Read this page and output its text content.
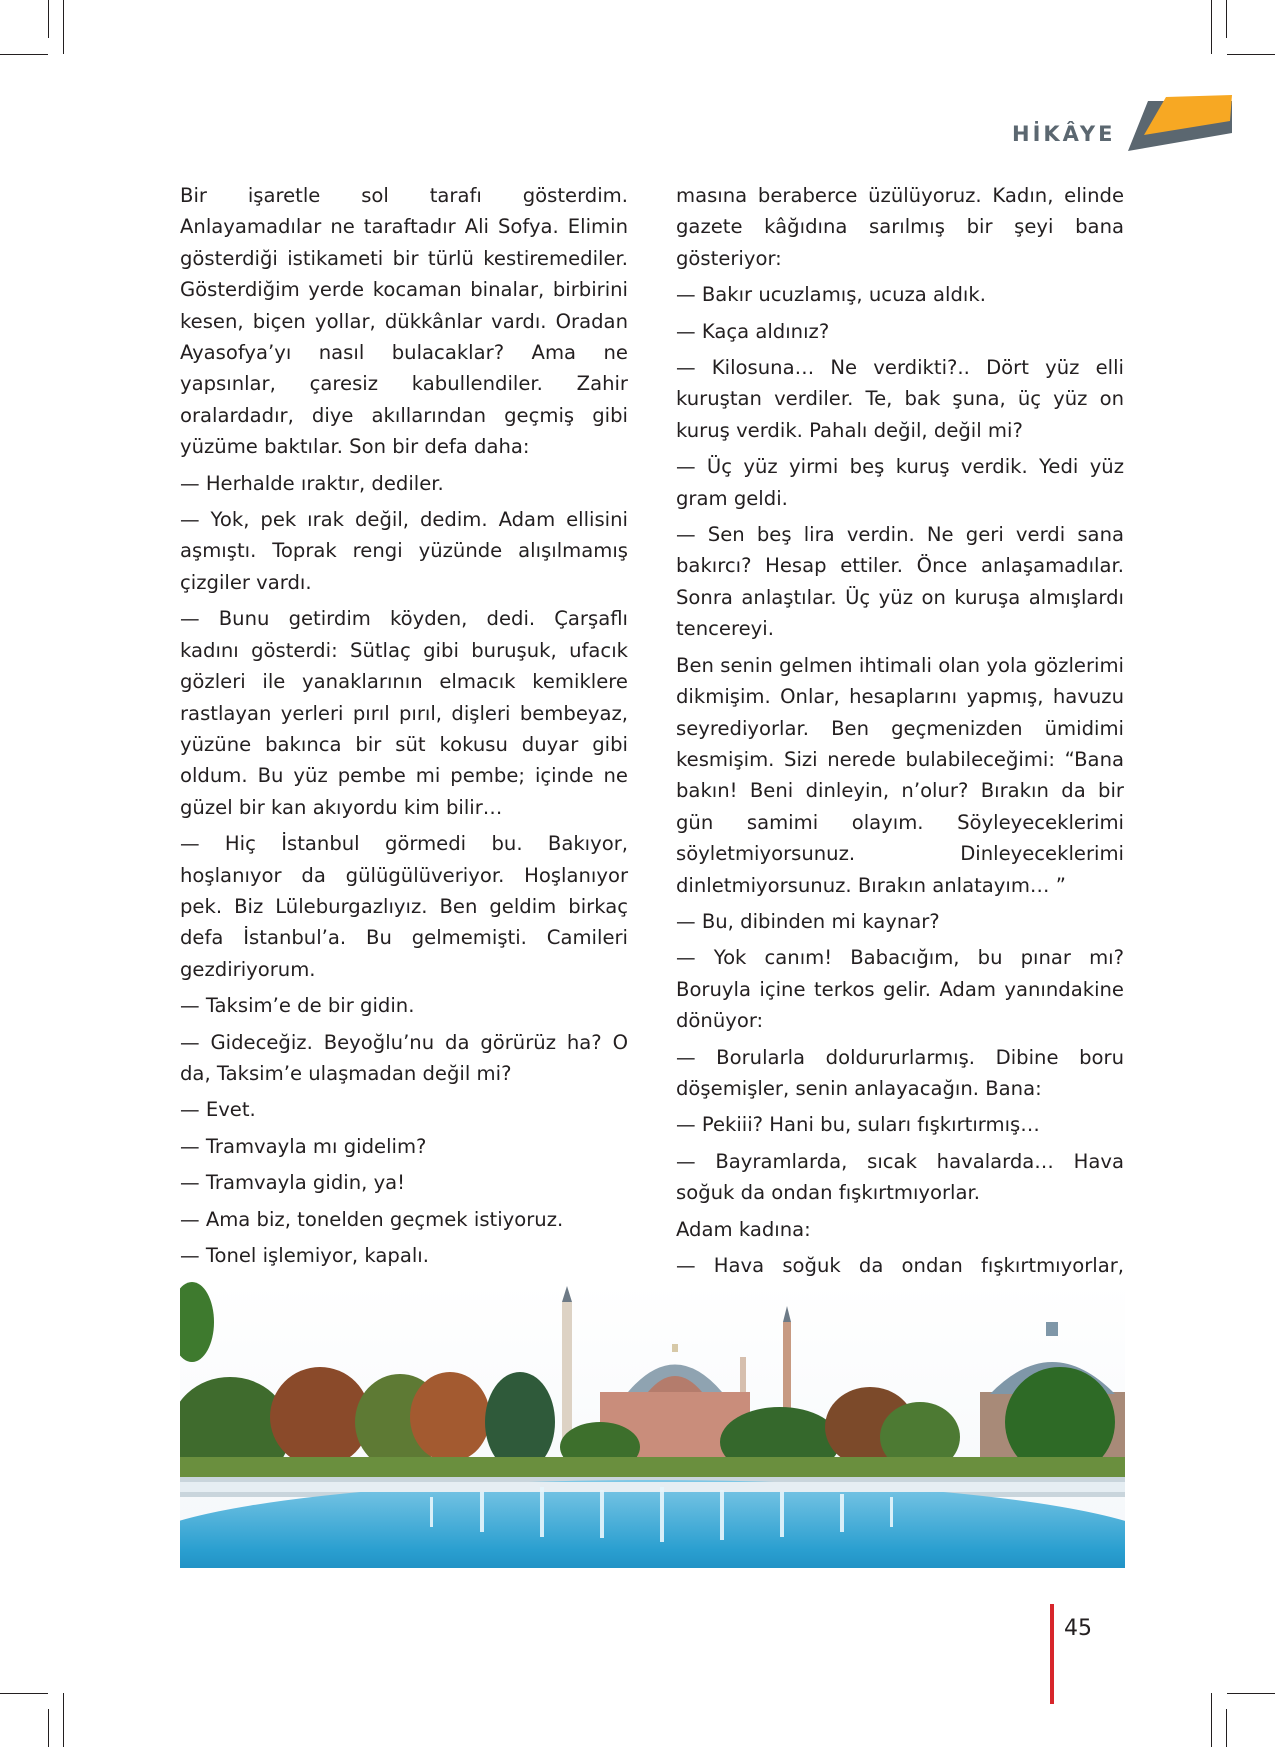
HİKÂYE

Bir işaretle sol tarafı gösterdim. Anlayamadılar ne taraftadır Ali Sofya. Elimin gösterdiği istikameti bir türlü kestiremediler. Gösterdiğim yerde kocaman binalar, birbirini kesen, biçen yollar, dükkânlar vardı. Oradan Ayasofya’yı nasıl bulacaklar? Ama ne yapsınlar, çaresiz kabullendiler. Zahir oralardadır, diye akıllarından geçmiş gibi yüzüme baktılar. Son bir defa daha:

— Herhalde ıraktır, dediler.

— Yok, pek ırak değil, dedim. Adam ellisini aşmıştı. Toprak rengi yüzünde alışılmamış çizgiler vardı.

— Bunu getirdim köyden, dedi. Çarşaflı kadını gösterdi: Sütlaç gibi buruşuk, ufacık gözleri ile yanaklarının elmacık kemiklere rastlayan yerleri pırıl pırıl, dişleri bembeyaz, yüzüne bakınca bir süt kokusu duyar gibi oldum. Bu yüz pembe mi pembe; içinde ne güzel bir kan akıyordu kim bilir…

— Hiç İstanbul görmedi bu. Bakıyor, hoşlanıyor da gülügülüveriyor. Hoşlanıyor pek. Biz Lüleburgazlıyız. Ben geldim birkaç defa İstanbul’a. Bu gelmemişti. Camileri gezdiriyorum.

— Taksim’e de bir gidin.

— Gideceğiz. Beyoğlu’nu da görürüz ha? O da, Taksim’e ulaşmadan değil mi?

— Evet.

— Tramvayla mı gidelim?

— Tramvayla gidin, ya!

— Ama biz, tonelden geçmek istiyoruz.

— Tonel işlemiyor, kapalı.

masına beraberce üzülüyoruz. Kadın, elinde gazete kâğıdına sarılmış bir şeyi bana gösteriyor:

— Bakır ucuzlamış, ucuza aldık.

— Kaça aldınız?

— Kilosuna… Ne verdikti?.. Dört yüz elli kuruştan verdiler. Te, bak şuna, üç yüz on kuruş verdik. Pahalı değil, değil mi?

— Üç yüz yirmi beş kuruş verdik. Yedi yüz gram geldi.

— Sen beş lira verdin. Ne geri verdi sana bakırcı? Hesap ettiler. Önce anlaşamadılar. Sonra anlaştılar. Üç yüz on kuruşa almışlardı tencereyi.

Ben senin gelmen ihtimali olan yola gözlerimi dikmişim. Onlar, hesaplarını yapmış, havuzu seyrediyorlar. Ben geçmenizden ümidimi kesmişim. Sizi nerede bulabileceğimi: “Bana bakın! Beni dinleyin, n’olur? Bırakın da bir gün samimi olayım. Söyleyeceklerimi söyletmiyorsunuz. Dinleyeceklerimi dinletmiyorsunuz. Bırakın anlatayım… ”

— Bu, dibinden mi kaynar?

— Yok canım! Babacığım, bu pınar mı? Boruyla içine terkos gelir. Adam yanındakine dönüyor:

— Borularla doldururlarmış. Dibine boru döşemişler, senin anlayacağın. Bana:

— Pekiii? Hani bu, suları fışkırtırmış…

— Bayramlarda, sıcak havalarda… Hava soğuk da ondan fışkırtmıyorlar.

Adam kadına:

— Hava soğuk da ondan fışkırtmıyorlar,

45
